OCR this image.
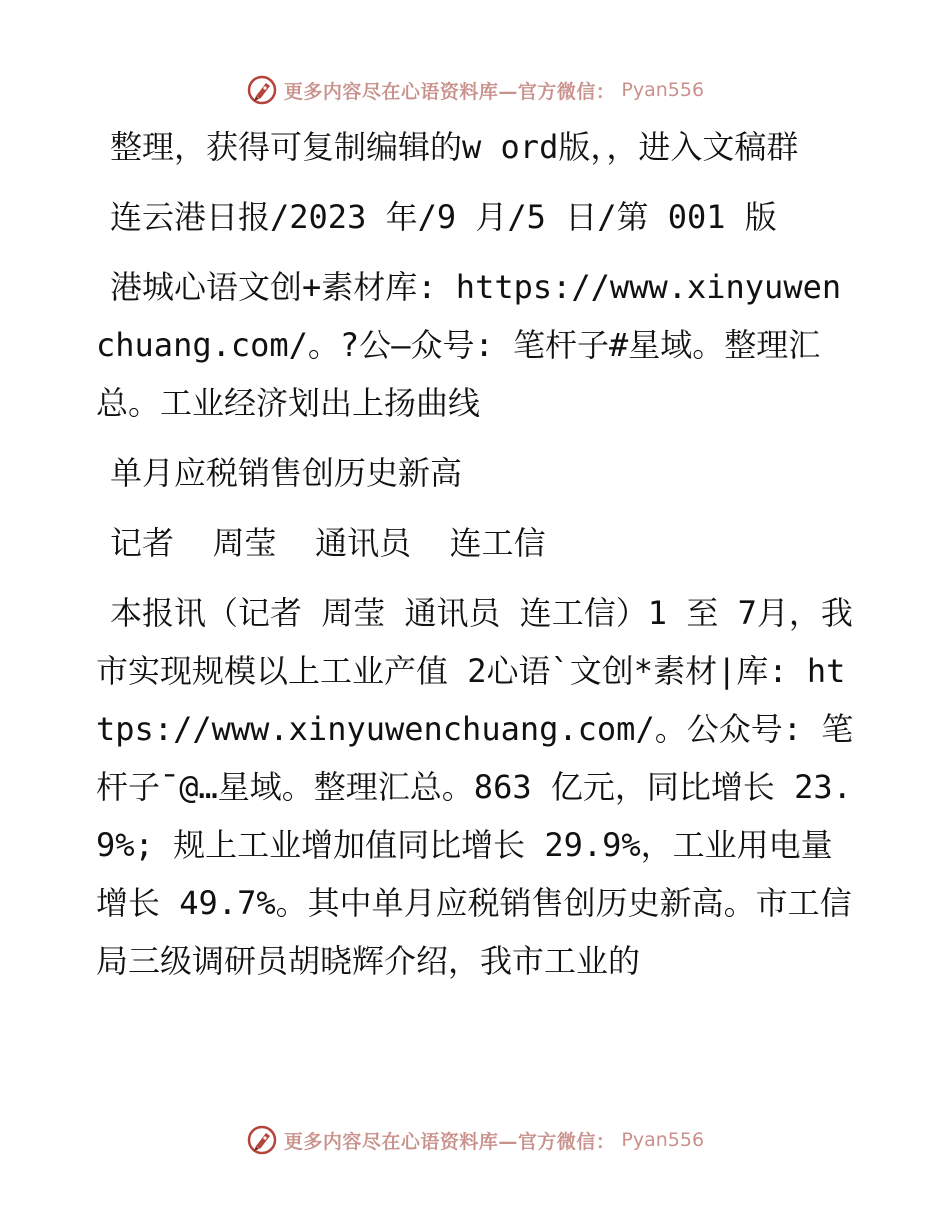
更多内容尽在心语资料库—官方微信： Pyan556

整理，获得可复制编辑的w ord版，，进入文稿群

连云港日报/2023 年/9 月/5 日/第 001 版

港城心语文创+素材库: https://www.xinyuwenchuang.com/。?公—众号: 笔杆子#星域。整理汇总。工业经济划出上扬曲线

单月应税销售创历史新高

记者  周莹  通讯员  连工信

本报讯（记者 周莹 通讯员 连工信）1 至 7月，我市实现规模以上工业产值 2心语`文创*素材|库: https://www.xinyuwenchuang.com/。公众号: 笔杆子¯@…星域。整理汇总。863 亿元，同比增长 23.9%; 规上工业增加值同比增长 29.9%，工业用电量增长 49.7%。其中单月应税销售创历史新高。市工信局三级调研员胡晓辉介绍，我市工业的

更多内容尽在心语资料库—官方微信： Pyan556
